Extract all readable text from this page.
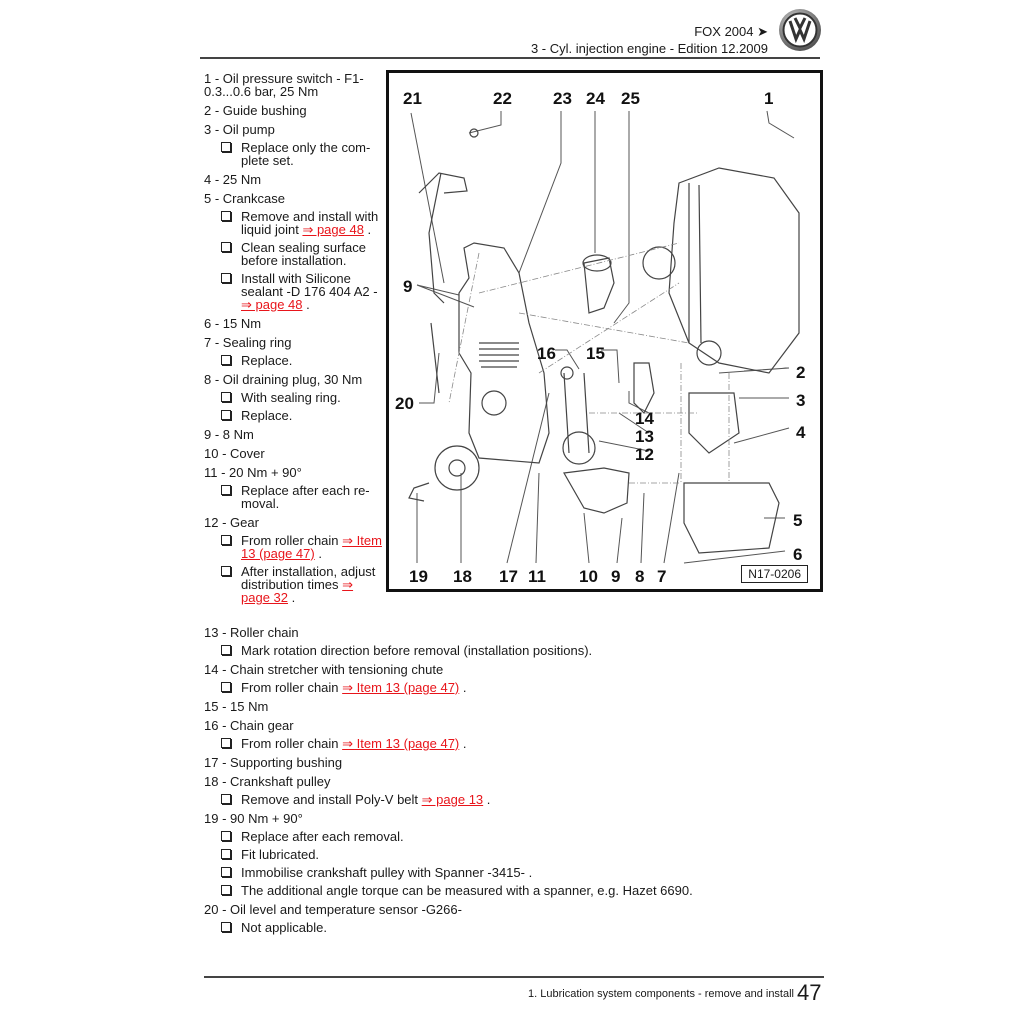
FOX 2004 ➤
3 - Cyl. injection engine - Edition 12.2009
1 - Oil pressure switch - F1- 0.3...0.6 bar, 25 Nm
2 - Guide bushing
3 - Oil pump
Replace only the com- plete set.
4 - 25 Nm
5 - Crankcase
Remove and install with liquid joint ⇒ page 48 .
Clean sealing surface before installation.
Install with Silicone sealant -D 176 404 A2 - ⇒ page 48 .
6 - 15 Nm
7 - Sealing ring
Replace.
8 - Oil draining plug, 30 Nm
With sealing ring.
Replace.
9 - 8 Nm
10 - Cover
11 - 20 Nm + 90°
Replace after each re- moval.
12 - Gear
From roller chain ⇒ Item 13 (page 47) .
After installation, adjust distribution times ⇒ page 32 .
21	22 23 24 25	1
9
16 15
20
2
3
14
13
12
4
5
6
19 18 17 11 10 9 8 7	N17-0206
13 - Roller chain
Mark rotation direction before removal (installation positions).
14 - Chain stretcher with tensioning chute
From roller chain ⇒ Item 13 (page 47) .
15 - 15 Nm
16 - Chain gear
From roller chain ⇒ Item 13 (page 47) .
17 - Supporting bushing
18 - Crankshaft pulley
Remove and install Poly-V belt ⇒ page 13 .
19 - 90 Nm + 90°
Replace after each removal.
Fit lubricated.
Immobilise crankshaft pulley with Spanner -3415- .
The additional angle torque can be measured with a spanner, e.g. Hazet 6690.
20 - Oil level and temperature sensor -G266-
Not applicable.
1. Lubrication system components - remove and install 47
